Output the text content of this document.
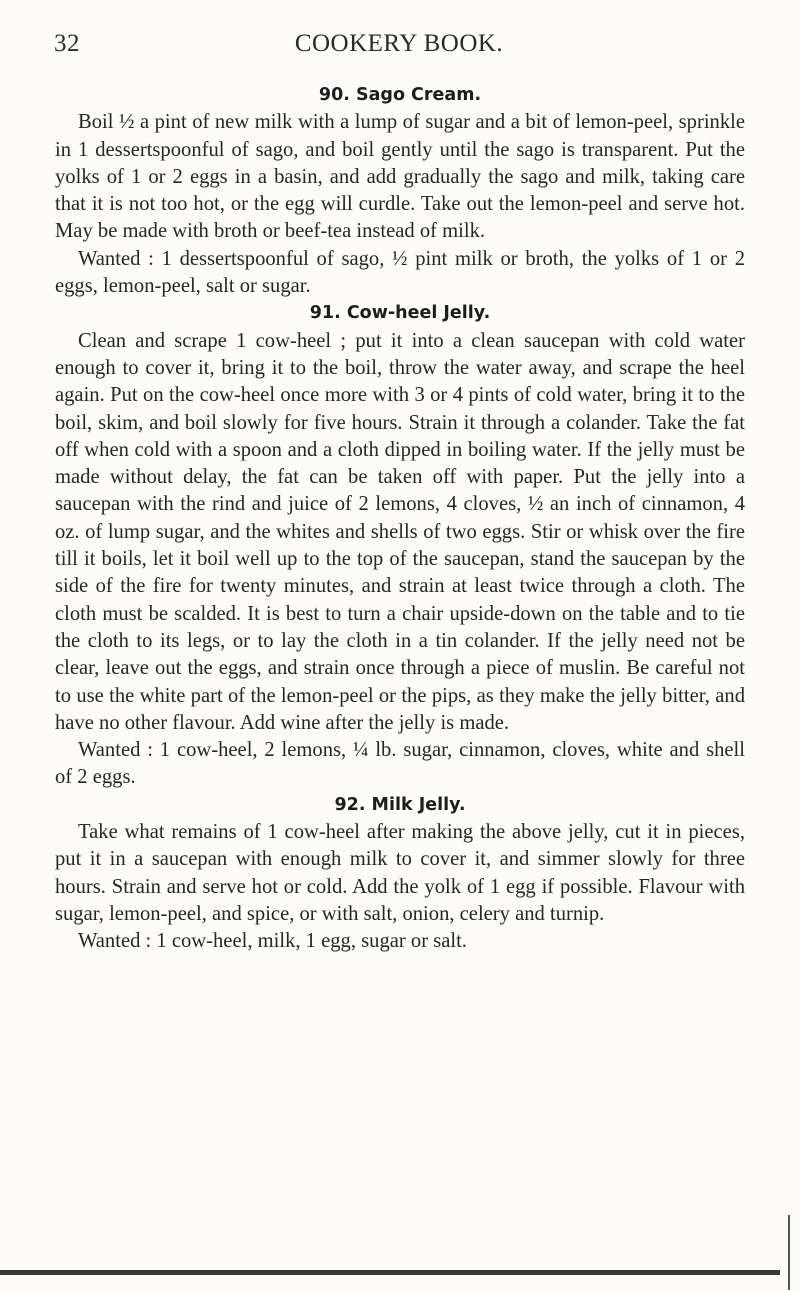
32	COOKERY BOOK.
90. Sago Cream.

Boil ½ a pint of new milk with a lump of sugar and a bit of lemon-peel, sprinkle in 1 dessertspoonful of sago, and boil gently until the sago is transparent. Put the yolks of 1 or 2 eggs in a basin, and add gradually the sago and milk, taking care that it is not too hot, or the egg will curdle. Take out the lemon-peel and serve hot. May be made with broth or beef-tea instead of milk.

Wanted : 1 dessertspoonful of sago, ½ pint milk or broth, the yolks of 1 or 2 eggs, lemon-peel, salt or sugar.

91. Cow-heel Jelly.

Clean and scrape 1 cow-heel ; put it into a clean saucepan with cold water enough to cover it, bring it to the boil, throw the water away, and scrape the heel again. Put on the cow-heel once more with 3 or 4 pints of cold water, bring it to the boil, skim, and boil slowly for five hours. Strain it through a colander. Take the fat off when cold with a spoon and a cloth dipped in boiling water. If the jelly must be made without delay, the fat can be taken off with paper. Put the jelly into a saucepan with the rind and juice of 2 lemons, 4 cloves, ½ an inch of cinnamon, 4 oz. of lump sugar, and the whites and shells of two eggs. Stir or whisk over the fire till it boils, let it boil well up to the top of the saucepan, stand the saucepan by the side of the fire for twenty minutes, and strain at least twice through a cloth. The cloth must be scalded. It is best to turn a chair upside-down on the table and to tie the cloth to its legs, or to lay the cloth in a tin colander. If the jelly need not be clear, leave out the eggs, and strain once through a piece of muslin. Be careful not to use the white part of the lemon-peel or the pips, as they make the jelly bitter, and have no other flavour. Add wine after the jelly is made.

Wanted : 1 cow-heel, 2 lemons, ¼ lb. sugar, cinnamon, cloves, white and shell of 2 eggs.

92. Milk Jelly.

Take what remains of 1 cow-heel after making the above jelly, cut it in pieces, put it in a saucepan with enough milk to cover it, and simmer slowly for three hours. Strain and serve hot or cold. Add the yolk of 1 egg if possible. Flavour with sugar, lemon-peel, and spice, or with salt, onion, celery and turnip.

Wanted : 1 cow-heel, milk, 1 egg, sugar or salt.
